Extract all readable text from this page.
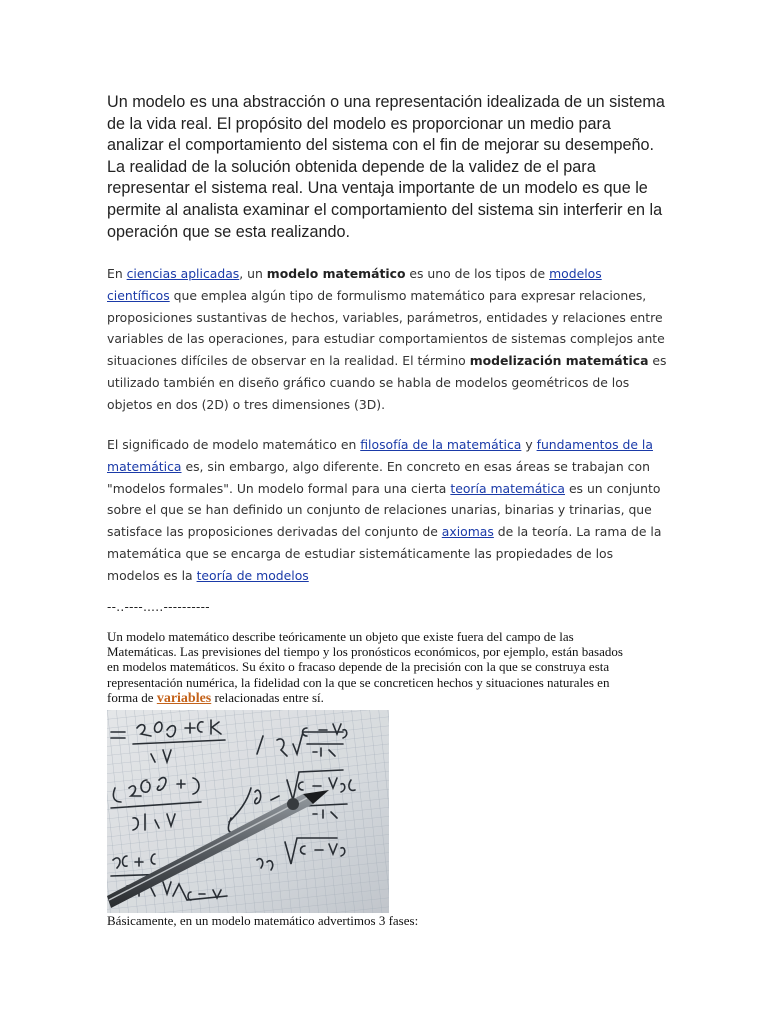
Un modelo es una abstracción o una representación idealizada de un sistema de la vida real. El propósito del modelo es proporcionar un medio para analizar el comportamiento del sistema con el fin de mejorar su desempeño. La realidad de la solución obtenida depende de la validez de el para representar el sistema real. Una ventaja importante de un modelo es que le permite al analista examinar el comportamiento del sistema sin interferir en la operación que se esta realizando.

En ciencias aplicadas, un modelo matemático es uno de los tipos de modelos científicos que emplea algún tipo de formulismo matemático para expresar relaciones, proposiciones sustantivas de hechos, variables, parámetros, entidades y relaciones entre variables de las operaciones, para estudiar comportamientos de sistemas complejos ante situaciones difíciles de observar en la realidad. El término modelización matemática es utilizado también en diseño gráfico cuando se habla de modelos geométricos de los objetos en dos (2D) o tres dimensiones (3D).

El significado de modelo matemático en filosofía de la matemática y fundamentos de la matemática es, sin embargo, algo diferente. En concreto en esas áreas se trabajan con "modelos formales". Un modelo formal para una cierta teoría matemática es un conjunto sobre el que se han definido un conjunto de relaciones unarias, binarias y trinarias, que satisface las proposiciones derivadas del conjunto de axiomas de la teoría. La rama de la matemática que se encarga de estudiar sistemáticamente las propiedades de los modelos es la teoría de modelos

--..----…..----------

Un modelo matemático describe teóricamente un objeto que existe fuera del campo de las Matemáticas. Las previsiones del tiempo y los pronósticos económicos, por ejemplo, están basados en modelos matemáticos. Su éxito o fracaso depende de la precisión con la que se construya esta representación numérica, la fidelidad con la que se concreticen hechos y situaciones naturales en forma de variables relacionadas entre sí.

Básicamente, en un modelo matemático advertimos 3 fases:
